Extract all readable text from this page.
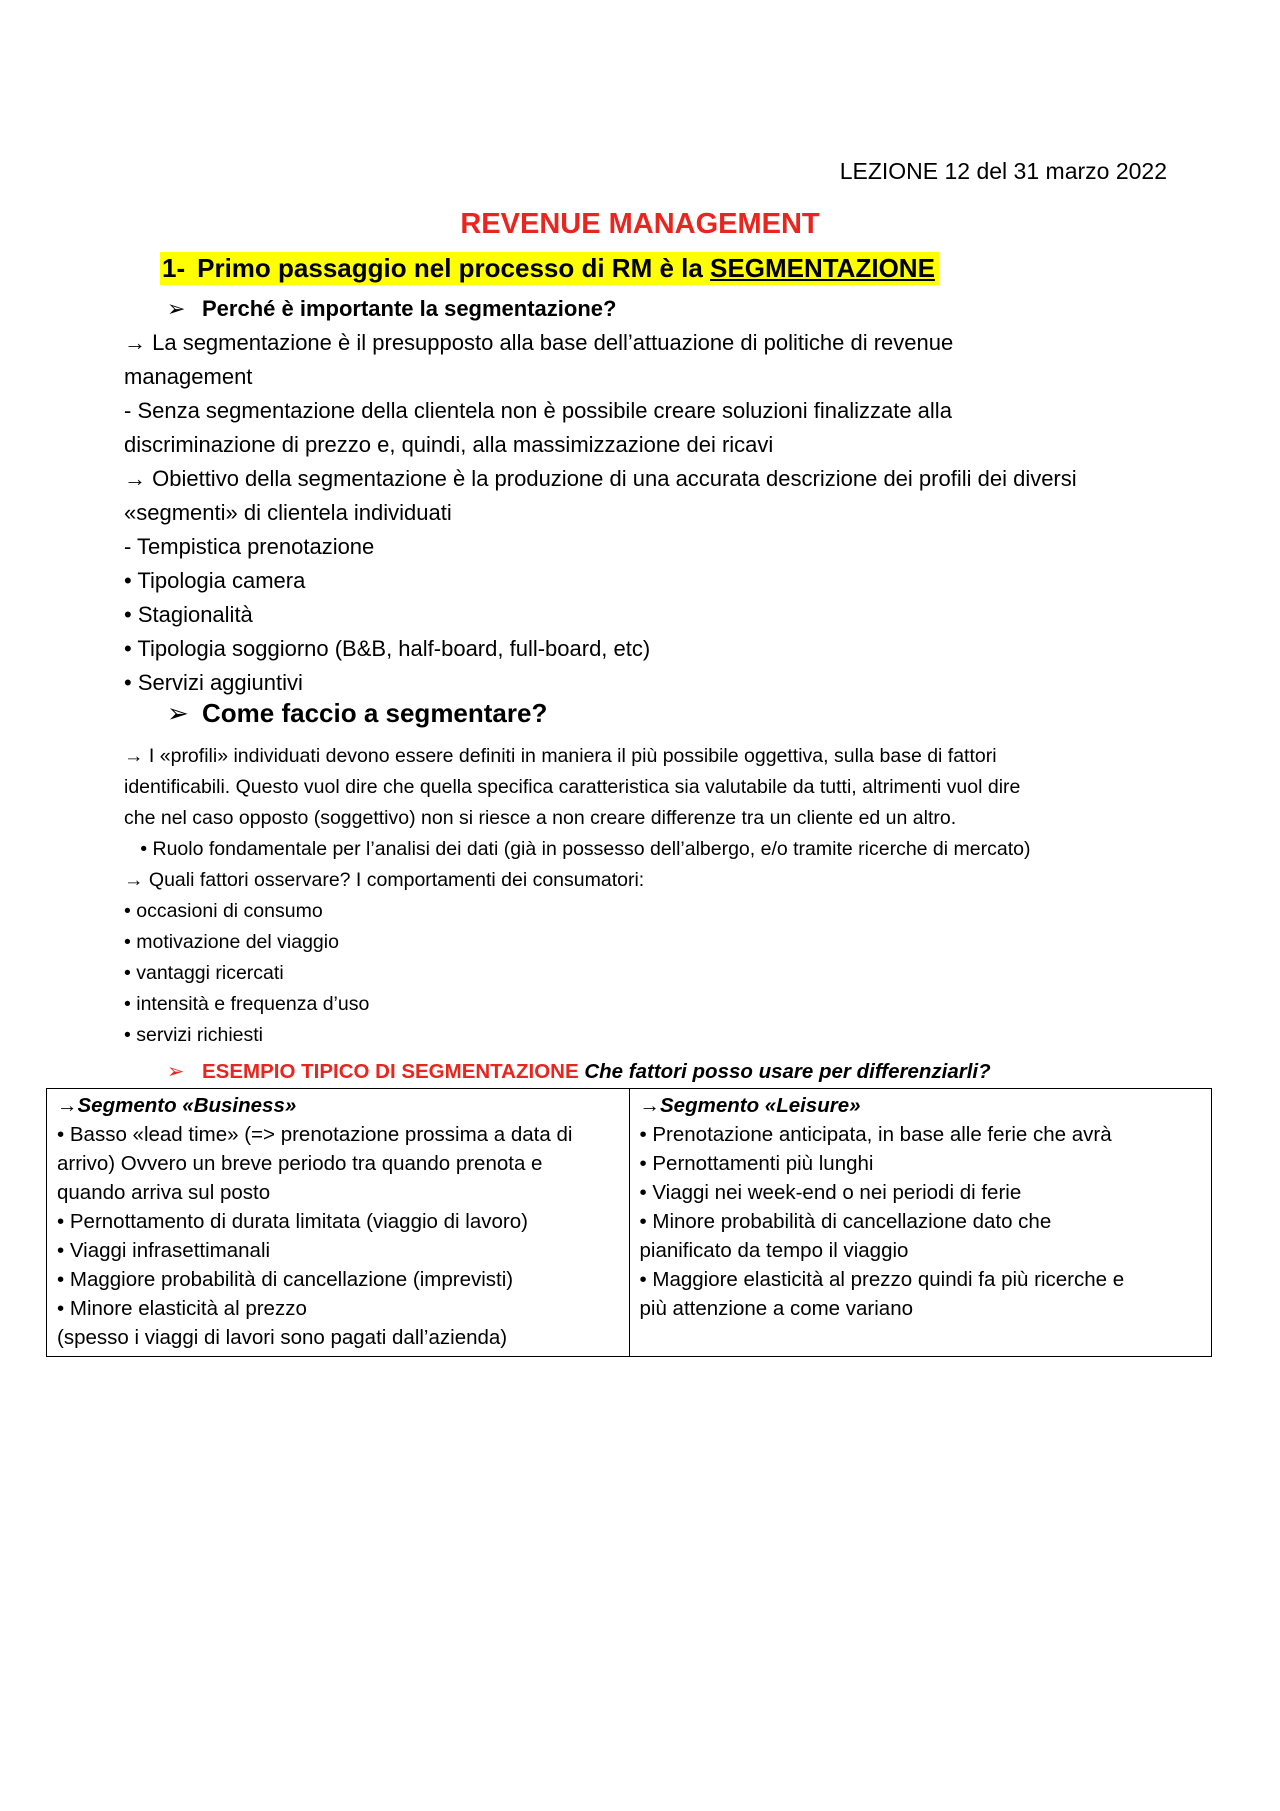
LEZIONE 12 del 31 marzo 2022
REVENUE MANAGEMENT
1- Primo passaggio nel processo di RM è la SEGMENTAZIONE
➢ Perché è importante la segmentazione?
→ La segmentazione è il presupposto alla base dell’attuazione di politiche di revenue
management
- Senza segmentazione della clientela non è possibile creare soluzioni finalizzate alla
discriminazione di prezzo e, quindi, alla massimizzazione dei ricavi
→ Obiettivo della segmentazione è la produzione di una accurata descrizione dei profili dei diversi
«segmenti» di clientela individuati
- Tempistica prenotazione
• Tipologia camera
• Stagionalità
• Tipologia soggiorno (B&B, half-board, full-board, etc)
• Servizi aggiuntivi
➢ Come faccio a segmentare?
→ I «profili» individuati devono essere definiti in maniera il più possibile oggettiva, sulla base di fattori
identificabili. Questo vuol dire che quella specifica caratteristica sia valutabile da tutti, altrimenti vuol dire
che nel caso opposto (soggettivo) non si riesce a non creare differenze tra un cliente ed un altro.
• Ruolo fondamentale per l’analisi dei dati (già in possesso dell’albergo, e/o tramite ricerche di mercato)
→ Quali fattori osservare? I comportamenti dei consumatori:
• occasioni di consumo
• motivazione del viaggio
• vantaggi ricercati
• intensità e frequenza d’uso
• servizi richiesti
➢ ESEMPIO TIPICO DI SEGMENTAZIONE Che fattori posso usare per differenziarli?
→Segmento «Business»
• Basso «lead time» (=> prenotazione prossima a data di
arrivo) Ovvero un breve periodo tra quando prenota e
quando arriva sul posto
• Pernottamento di durata limitata (viaggio di lavoro)
• Viaggi infrasettimanali
• Maggiore probabilità di cancellazione (imprevisti)
• Minore elasticità al prezzo
(spesso i viaggi di lavori sono pagati dall’azienda)

→Segmento «Leisure»
• Prenotazione anticipata, in base alle ferie che avrà
• Pernottamenti più lunghi
• Viaggi nei week-end o nei periodi di ferie
• Minore probabilità di cancellazione dato che
pianificato da tempo il viaggio
• Maggiore elasticità al prezzo quindi fa più ricerche e
più attenzione a come variano
